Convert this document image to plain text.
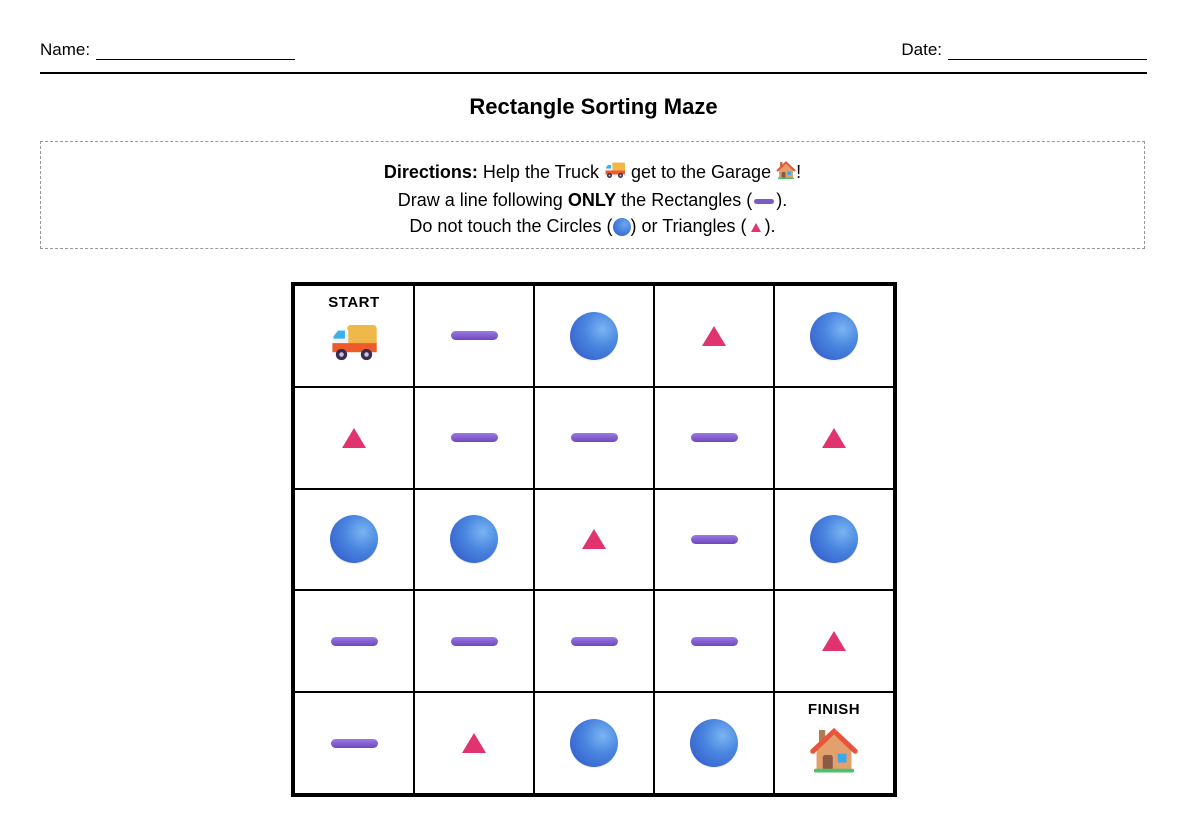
Name:	Date:
Rectangle Sorting Maze
Directions: Help the Truck  get to the Garage !
Draw a line following ONLY the Rectangles ( ).
Do not touch the Circles ( ) or Triangles ( ).
START
FINISH
